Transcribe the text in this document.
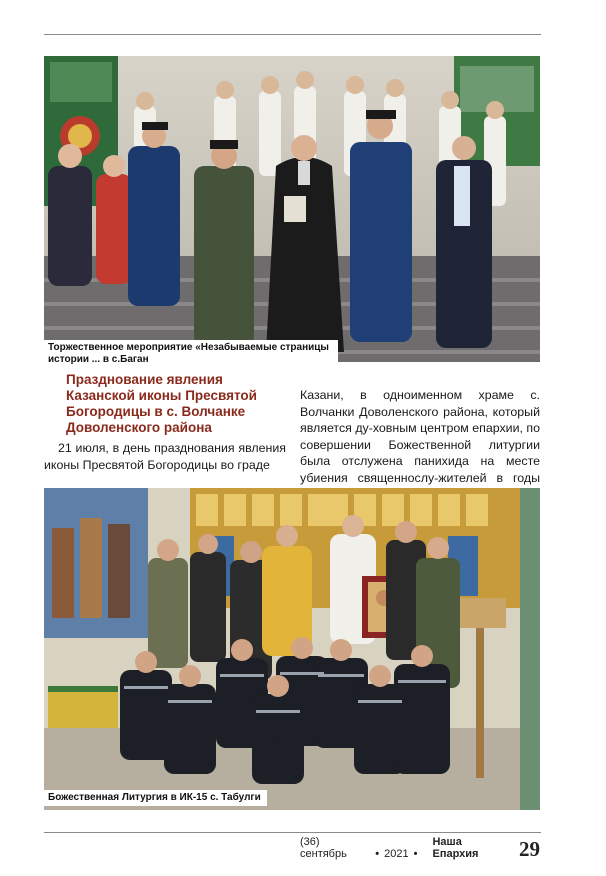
Торжественное мероприятие «Незабываемые страницы
истории ... в с.Баган
Празднование явления
Казанской иконы Пресвятой
Богородицы в с. Волчанке
Доволенского района

21 июля, в день празднования явления иконы Пресвятой Богородицы во граде

Казани, в одноименном храме с. Волчанки Доволенского района, который является ду-ховным центром епархии, по совершении Божественной литургии была отслужена панихида на месте убиения священнослу-жителей в годы

Божественная Литургия в ИК-15 с. Табулги
(36) сентябрь	• 2021 •
Наша Епархия	29
